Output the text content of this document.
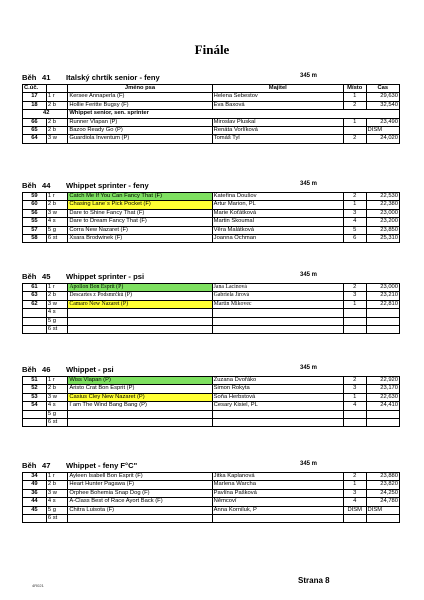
Finále
Běh 41 Italský chrtík senior - feny	345 m
Č.úč.		Jméno psa	Majitel	Místo	Čas
17	1 r	Kersee Annaperla (F)	Helena Šebestov	1	29,630
18	2 b	Hollie Feritte Bugsy (F)	Eva Baxová	2	32,540
42		Whippet senior, sen. sprinter			
66	2 b	Runner Vlapan (P)	Miroslav Pluskal	1	23,490
65	2 b	Bazoo Ready Go (P)	Renáta Vorlíková		DISM
64	3 w	Guardiola Inventum (P)	Tomáš Tyl	2	24,020
Běh 44 Whippet sprinter - feny	345 m
59	1 r	Catch Me If You Can Fancy That (F)	Kateřina Doušov	2	22,530
60	2 b	Chasing Lane´s Pick Pocket (F)	Artur Marion, PL	1	22,380
56	3 w	Dare to Shine Fancy That (F)	Marie Koťátková	3	23,000
55	4 s	Dare to Dream Fancy That (F)	Martin Skoumal	4	23,200
57	5 g	Corra New Nazaret (F)	Věra Malátková	5	23,850
58	6 st	Xsara Brodwinek (F)	Joanna Ochman	6	25,310
Běh 45 Whippet sprinter - psi	345 m
61	1 r	Apollon Bon Esprit (P)	Jana Lacinová	2	23,000
63	2 b	Descartes z Podsmrčků (P)	Gabriela Jírová	3	23,210
62	3 w	Camaro New Nazaret (P)	Martin Mikovec	1	22,810
	4 s				
	5 g				
	6 st				
Běh 46 Whippet - psi	345 m
51	1 r	Wiss Vlapan (P)	Zuzana Dvořáko	2	22,920
52	2 b	Aristo Crat Bon Esprit (P)	Šimon Rokyta	3	23,170
53	3 w	Casius Cley New Nazaret (P)	Soňa Herbstová	1	22,630
54	4 s	I´am The Wind Bang Bang (P)	Cesary Kisiel, PL	4	24,410
	5 g				
	6 st				
Běh 47 Whippet - feny F°C"	345 m
34	1 r	Ayleen Isabell Bon Esprit (F)	Jitka Kaplanová	2	23,880
49	2 b	Heart Hunter Pagawa (F)	Marlena Warcha	1	23,820
36	3 w	Orphee Bohemia Snap Dog (F)	Pavlína Pašková	3	24,250
44	4 s	A-Class Best of Race Ayort Back (F)	Němcoví	4	24,780
45	5 g	Chitra Luisota (F)	Anna Korniluk, P	DISM	DISM
	6 st				
4R021
Strana 8
